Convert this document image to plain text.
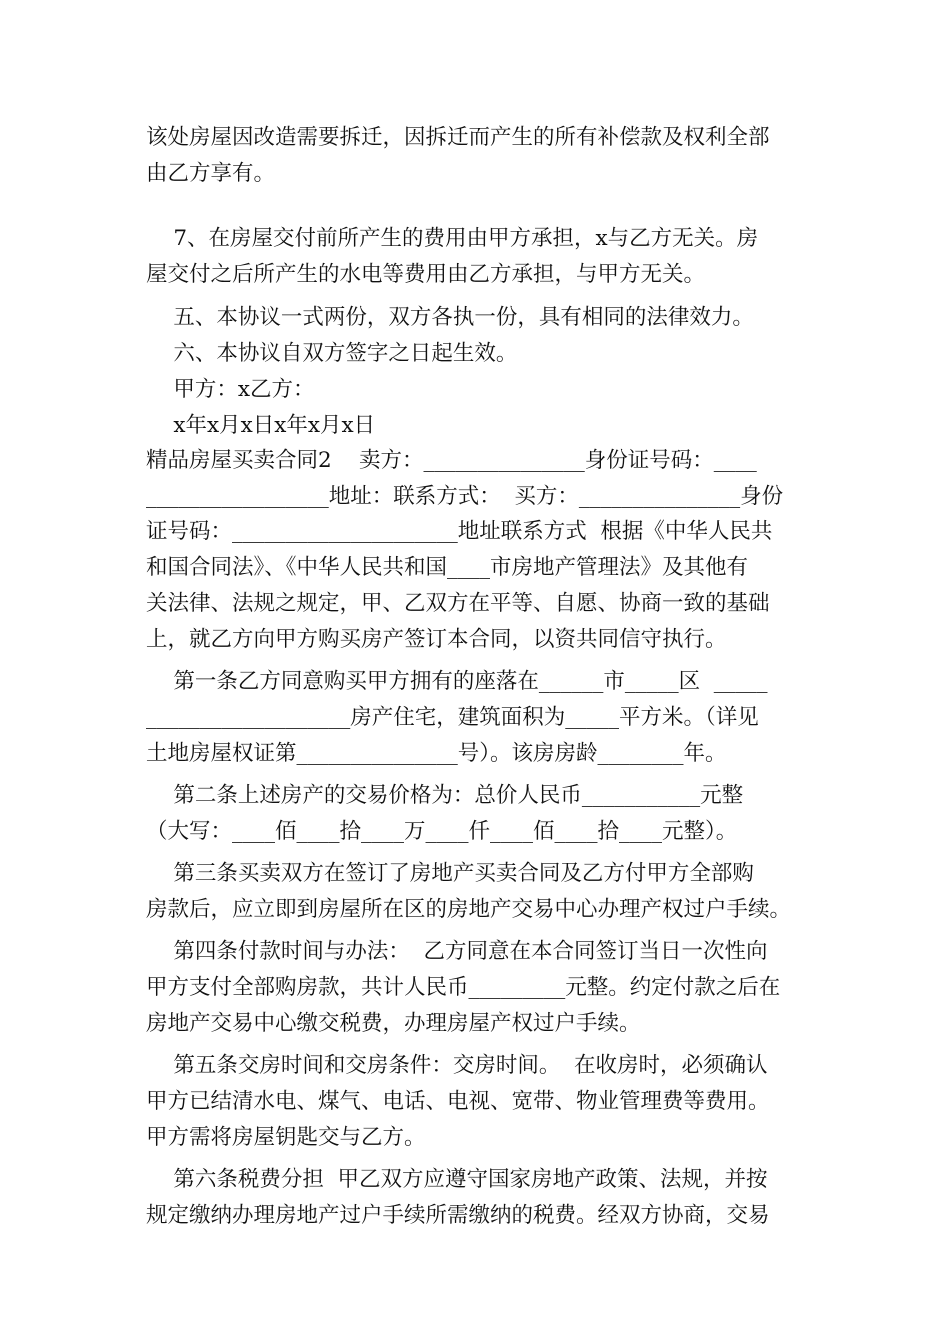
该处房屋因改造需要拆迁，因拆迁而产生的所有补偿款及权利全部
由乙方享有。
7、在房屋交付前所产生的费用由甲方承担，x与乙方无关。房
屋交付之后所产生的水电等费用由乙方承担，与甲方无关。
五、本协议一式两份，双方各执一份，具有相同的法律效力。
六、本协议自双方签字之日起生效。
甲方：x乙方：
x年x月x日x年x月x日
精品房屋买卖合同2    卖方：_______________身份证号码：____
_________________地址：联系方式：  买方：_______________身份
证号码：_____________________地址联系方式  根据《中华人民共
和国合同法》、《中华人民共和国____市房地产管理法》及其他有
关法律、法规之规定，甲、乙双方在平等、自愿、协商一致的基础
上，就乙方向甲方购买房产签订本合同，以资共同信守执行。
第一条乙方同意购买甲方拥有的座落在______市_____区  _____
___________________房产住宅，建筑面积为_____平方米。（详见
土地房屋权证第_______________号）。该房房龄________年。
第二条上述房产的交易价格为：总价人民币___________元整
（大写：____佰____拾____万____仟____佰____拾____元整）。
第三条买卖双方在签订了房地产买卖合同及乙方付甲方全部购
房款后，应立即到房屋所在区的房地产交易中心办理产权过户手续。
第四条付款时间与办法：  乙方同意在本合同签订当日一次性向
甲方支付全部购房款，共计人民币_________元整。约定付款之后在
房地产交易中心缴交税费，办理房屋产权过户手续。
第五条交房时间和交房条件：交房时间。  在收房时，必须确认
甲方已结清水电、煤气、电话、电视、宽带、物业管理费等费用。
甲方需将房屋钥匙交与乙方。
第六条税费分担  甲乙双方应遵守国家房地产政策、法规，并按
规定缴纳办理房地产过户手续所需缴纳的税费。经双方协商，交易
